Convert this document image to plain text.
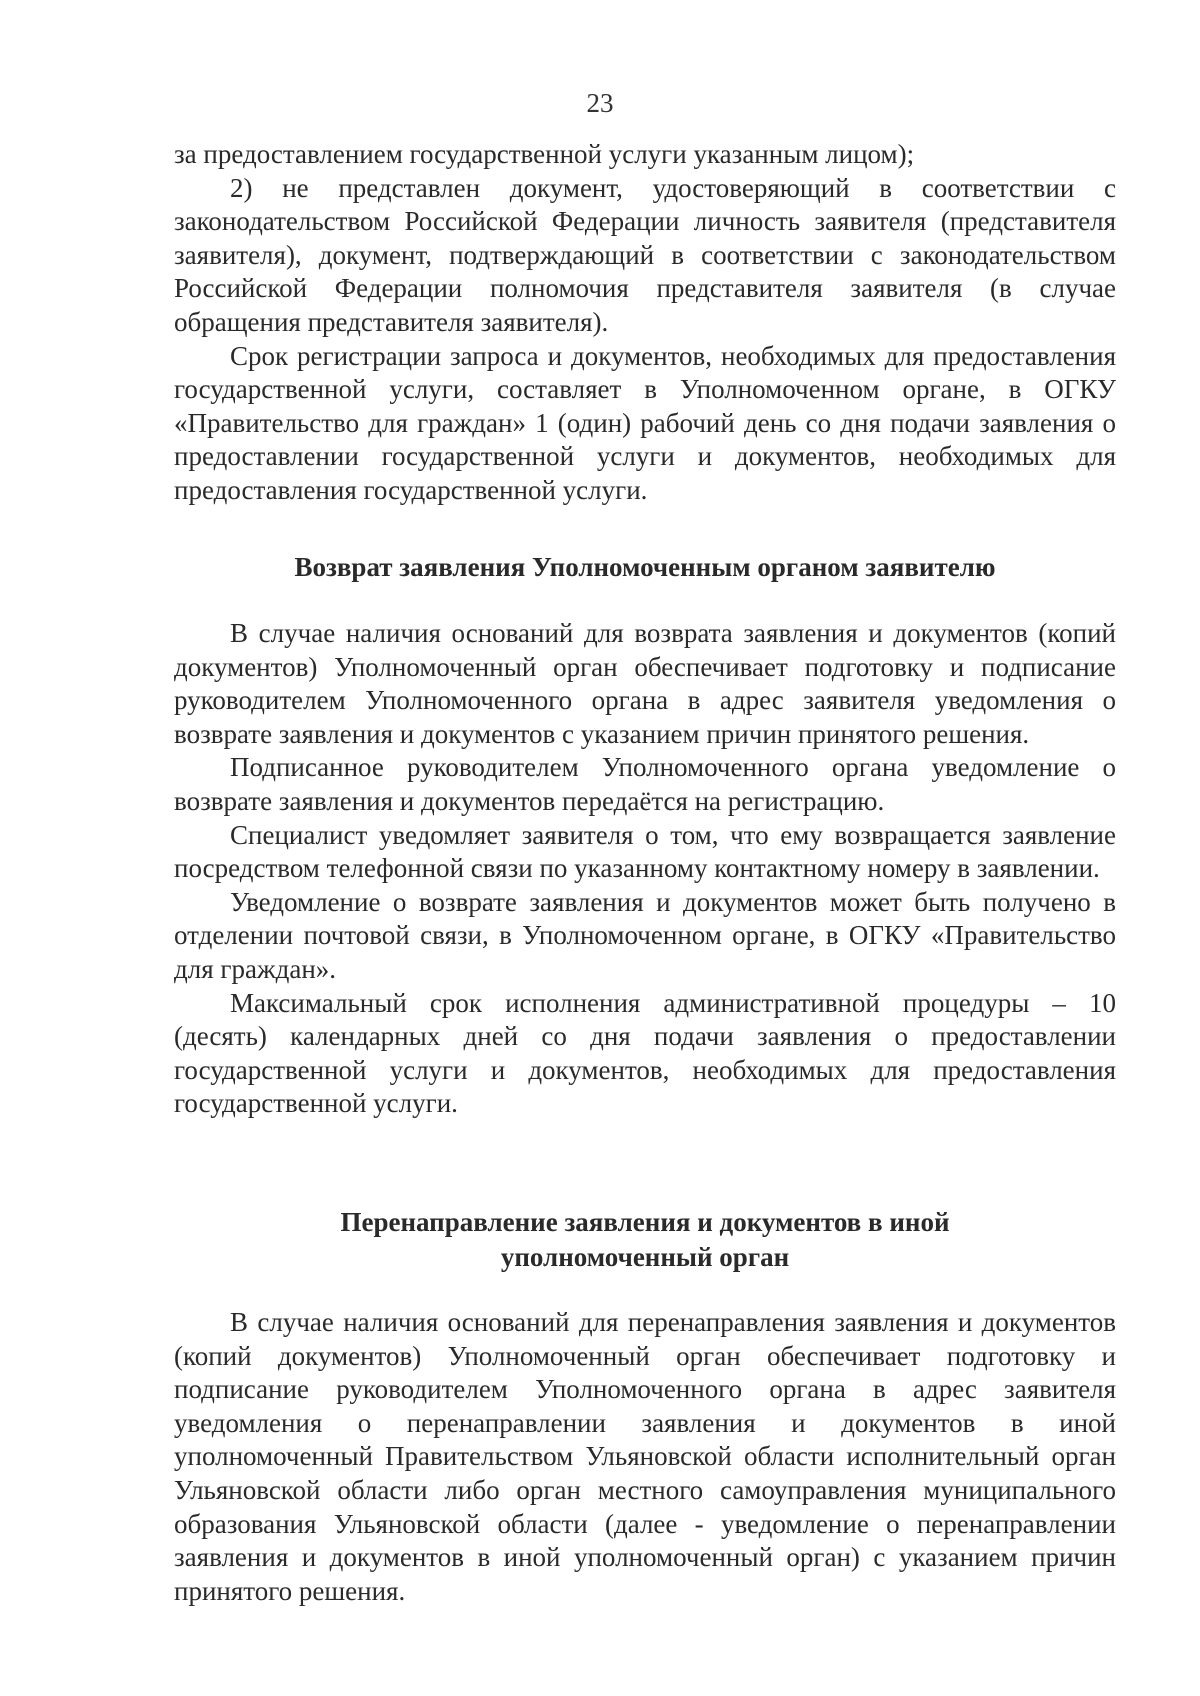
23

за предоставлением государственной услуги указанным лицом);

2) не представлен документ, удостоверяющий в соответствии с законодательством Российской Федерации личность заявителя (представителя заявителя), документ, подтверждающий в соответствии с законодательством Российской Федерации полномочия представителя заявителя (в случае обращения представителя заявителя).

Срок регистрации запроса и документов, необходимых для предоставления государственной услуги, составляет в Уполномоченном органе, в ОГКУ «Правительство для граждан» 1 (один) рабочий день со дня подачи заявления о предоставлении государственной услуги и документов, необходимых для предоставления государственной услуги.

Возврат заявления Уполномоченным органом заявителю

В случае наличия оснований для возврата заявления и документов (копий документов) Уполномоченный орган обеспечивает подготовку и подписание руководителем Уполномоченного органа в адрес заявителя уведомления о возврате заявления и документов с указанием причин принятого решения.

Подписанное руководителем Уполномоченного органа уведомление о возврате заявления и документов передаётся на регистрацию.

Специалист уведомляет заявителя о том, что ему возвращается заявление посредством телефонной связи по указанному контактному номеру в заявлении.

Уведомление о возврате заявления и документов может быть получено в отделении почтовой связи, в Уполномоченном органе, в ОГКУ «Правительство для граждан».

Максимальный срок исполнения административной процедуры – 10 (десять) календарных дней со дня подачи заявления о предоставлении государственной услуги и документов, необходимых для предоставления государственной услуги.

Перенаправление заявления и документов в иной
уполномоченный орган

В случае наличия оснований для перенаправления заявления и документов (копий документов) Уполномоченный орган обеспечивает подготовку и подписание руководителем Уполномоченного органа в адрес заявителя уведомления о перенаправлении заявления и документов в иной уполномоченный Правительством Ульяновской области исполнительный орган Ульяновской области либо орган местного самоуправления муниципального образования Ульяновской области (далее - уведомление о перенаправлении заявления и документов в иной уполномоченный орган) с указанием причин принятого решения.
